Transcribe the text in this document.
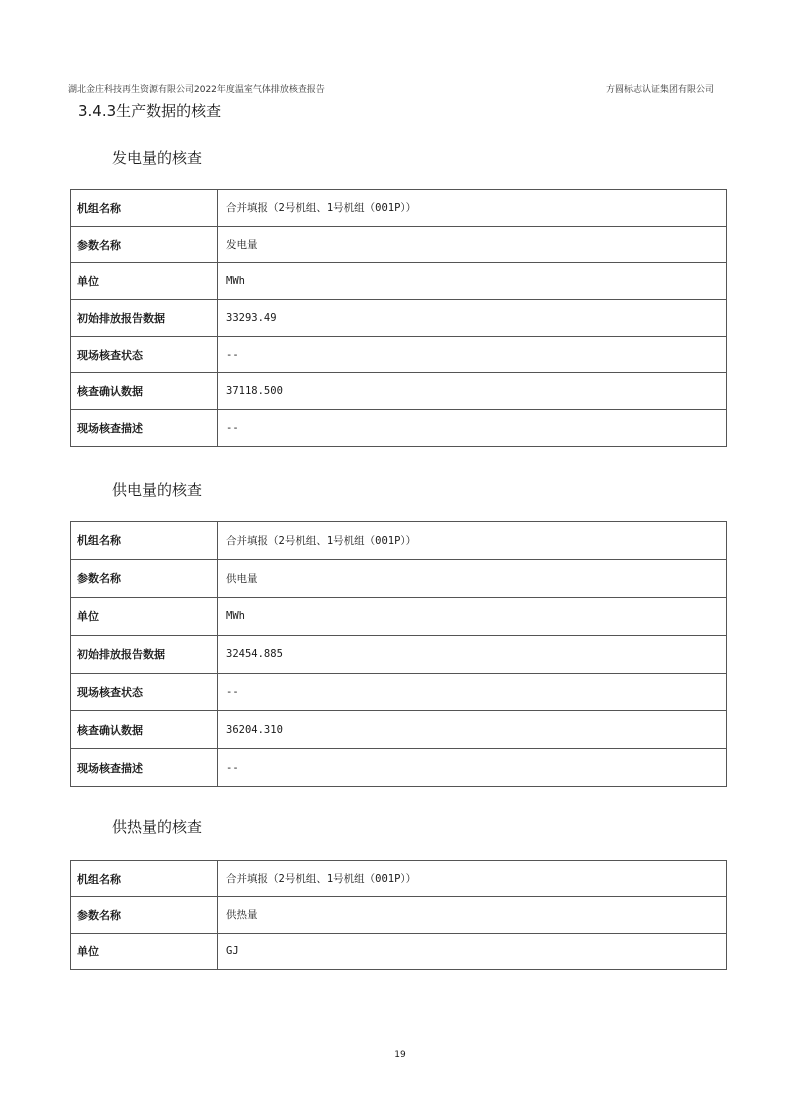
湖北金庄科技再生资源有限公司2022年度温室气体排放核查报告	方圆标志认证集团有限公司
3.4.3生产数据的核查
发电量的核查
机组名称	合并填报（2号机组、1号机组（001P））
参数名称	发电量
单位	MWh
初始排放报告数据	33293.49
现场核查状态	--
核查确认数据	37118.500
现场核查描述	--
供电量的核查
机组名称	合并填报（2号机组、1号机组（001P））
参数名称	供电量
单位	MWh
初始排放报告数据	32454.885
现场核查状态	--
核查确认数据	36204.310
现场核查描述	--
供热量的核查
机组名称	合并填报（2号机组、1号机组（001P））
参数名称	供热量
单位	GJ
19
